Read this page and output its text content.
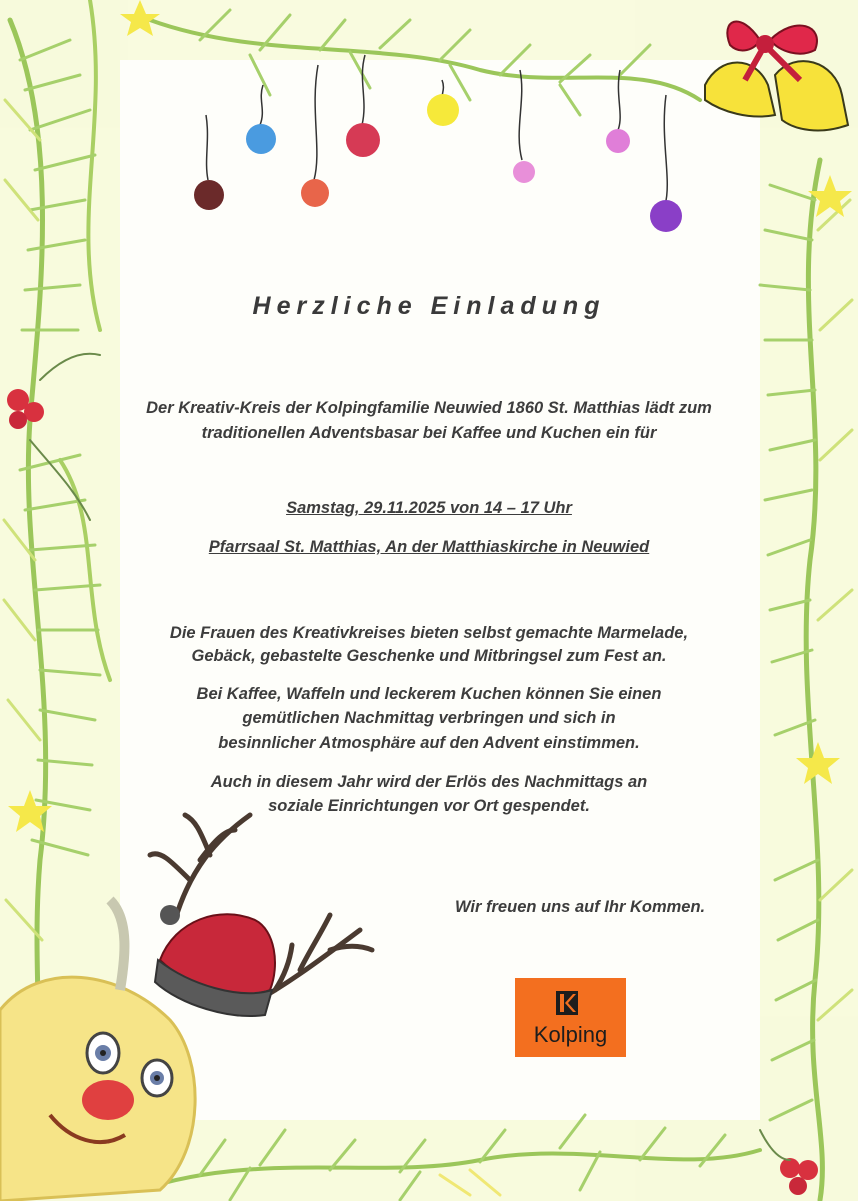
Herzliche Einladung
Der Kreativ-Kreis der Kolpingfamilie Neuwied 1860 St. Matthias lädt zum
traditionellen Adventsbasar bei Kaffee und Kuchen ein für
Samstag, 29.11.2025 von 14 – 17 Uhr
Pfarrsaal St. Matthias, An der Matthiaskirche in Neuwied
Die Frauen des Kreativkreises bieten selbst gemachte Marmelade,
Gebäck, gebastelte Geschenke und Mitbringsel zum Fest an.
Bei Kaffee, Waffeln und leckerem Kuchen können Sie einen
gemütlichen Nachmittag verbringen und sich in
besinnlicher Atmosphäre auf den Advent einstimmen.
Auch in diesem Jahr wird der Erlös des Nachmittags an
soziale Einrichtungen vor Ort gespendet.
Wir freuen uns auf Ihr Kommen.
Kolping
